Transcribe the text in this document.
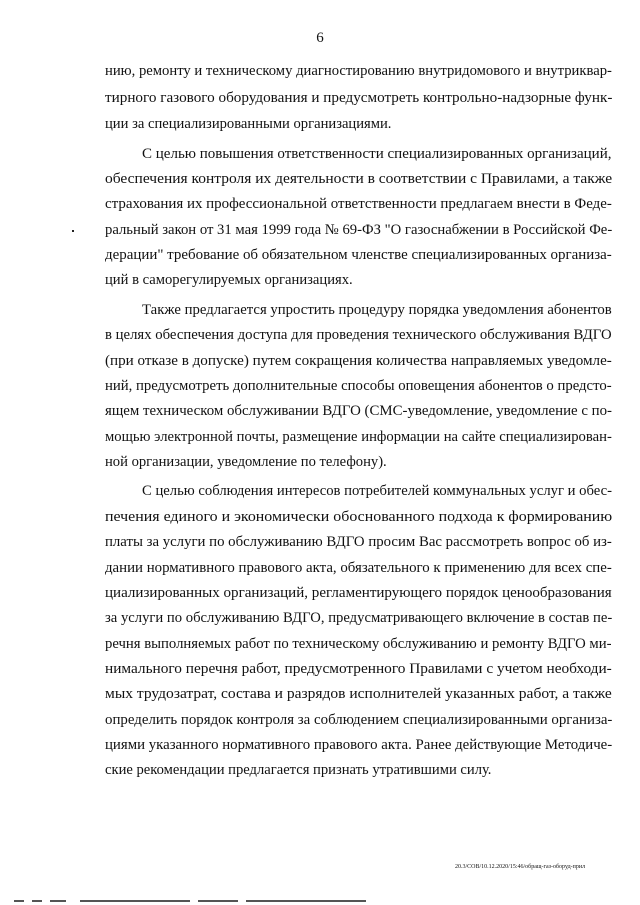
6
нию, ремонту и техническому диагностированию внутридомового и внутриквар-
тирного газового оборудования и предусмотреть контрольно-надзорные функ-
ции за специализированными организациями.
С целью повышения ответственности специализированных организаций,
обеспечения контроля их деятельности в соответствии с Правилами, а также
страхования их профессиональной ответственности предлагаем внести в Феде-
ральный закон от 31 мая 1999 года № 69-ФЗ "О газоснабжении в Российской Фе-
дерации" требование об обязательном членстве специализированных организа-
ций в саморегулируемых организациях.
Также предлагается упростить процедуру порядка уведомления абонентов
в целях обеспечения доступа для проведения технического обслуживания ВДГО
(при отказе в допуске) путем сокращения количества направляемых уведомле-
ний, предусмотреть дополнительные способы оповещения абонентов о предсто-
ящем техническом обслуживании ВДГО (СМС-уведомление, уведомление с по-
мощью электронной почты, размещение информации на сайте специализирован-
ной организации, уведомление по телефону).
С целью соблюдения интересов потребителей коммунальных услуг и обес-
печения единого и экономически обоснованного подхода к формированию
платы за услуги по обслуживанию ВДГО просим Вас рассмотреть вопрос об из-
дании нормативного правового акта, обязательного к применению для всех спе-
циализированных организаций, регламентирующего порядок ценообразования
за услуги по обслуживанию ВДГО, предусматривающего включение в состав пе-
речня выполняемых работ по техническому обслуживанию и ремонту ВДГО ми-
нимального перечня работ, предусмотренного Правилами с учетом необходи-
мых трудозатрат, состава и разрядов исполнителей указанных работ, а также
определить порядок контроля за соблюдением специализированными организа-
циями указанного нормативного правового акта. Ранее действующие Методиче-
ские рекомендации предлагается признать утратившими силу.
20.3/СОВ/10.12.2020/15:46/обращ-газ-оборуд-прил
